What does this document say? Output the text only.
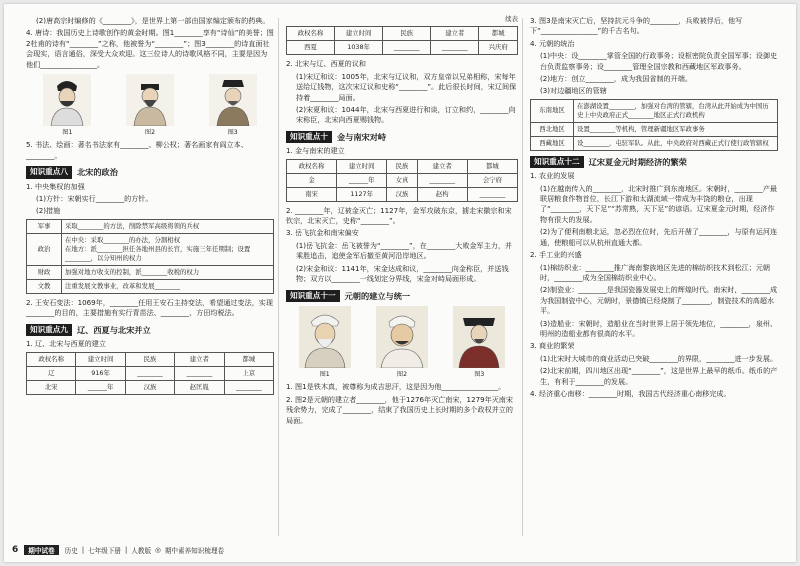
(2)唐高宗时编修的《________》，是世界上第一部由国家编定颁布的药典。

4. 唐诗：我国历史上诗歌创作的黄金时期。图1________享有“诗仙”的美誉；图2杜甫的诗有“________”之称，他被誉为“________”；图3________的诗直面社会现实，语言通俗，深受大众欢迎。这三位诗人的诗歌风格不同，主要是因为他们________________。

图1	图2	图3

5. 书法、绘画：著名书法家有________、柳公权；著名画家有阎立本、________。

知识重点八	北宋的政治

1. 中央集权的加强

(1)方针：宋朝实行________的方针。

(2)措施

军事	采取________的方法，削除禁军高级将领的兵权
政治	在中央：采取________的办法，分割相权
在地方：派________担任各地州县的长官，实施三年任期制；设置________，以分知州的权力
财政	加强对地方收支的控制，派________收税的权力
文教	注重发展文教事业，改革和发展________

2. 王安石变法：1069年，________任用王安石主持变法，希望通过变法，实现________的目的，主要措施有实行青苗法、________、方田均税法。

知识重点九	辽、西夏与北宋并立

1. 辽、北宋与西夏的建立

政权名称	建立时间	民族	建立者	都城
辽	916年	________	________	上京
北宋	______年	汉族	赵匡胤	________

续表

政权名称	建立时间	民族	建立者	都城
西夏	1038年	________	________	兴庆府

2. 北宋与辽、西夏的议和

(1)宋辽和议：1005年，北宋与辽议和，双方皇帝以兄弟相称，宋每年送给辽钱物，这次宋辽议和史称“________”。此后很长时间，宋辽间保持着________局面。

(2)宋夏和议：1044年，北宋与西夏进行和谈，订立和约，________向宋称臣，北宋向西夏赐钱物。

知识重点十	金与南宋对峙

1. 金与南宋的建立

政权名称	建立时间	民族	建立者	都城
金	______年	女真	________	会宁府
南宋	1127年	汉族	赵构	________

2. ________年，辽被金灭亡；1127年，金军攻破东京，掳走宋徽宗和宋钦宗，北宋灭亡，史称“________”。

3. 岳飞抗金和南宋偏安

(1)岳飞抗金：岳飞被誉为“________”，在________大败金军主力，并乘胜追击，追使金军后撤至黄河沿岸地区。

(2)宋金和议：1141年，宋金达成和议，________向金称臣，并送钱物；双方以________一线划定分界线，宋金对峙局面形成。

知识重点十一	元朝的建立与统一
图1	图2	图3

1. 图1是铁木真，被尊称为成吉思汗，这是因为他________________。

2. 图2是元朝的建立者________，他于1276年灭亡南宋，1279年灭南宋残余势力，完成了________，结束了我国历史上长时期的多个政权并立的局面。

3. 图3是南宋灭亡后，坚持抗元斗争的________，兵败被俘后，他写下“________________”的千古名句。

4. 元朝的统治

(1)中央：设________掌管全国的行政事务；设枢密院负责全国军事；设御史台负责监察事务；设________管理全国宗教和西藏地区军政事务。

(2)地方：创立________，成为我国省制的开端。

(3)对边疆地区的管辖

东南地区	在澎湖设置________，加强对台湾的管辖，台湾从此开始成为中国历史上中央政府正式________地区正式行政机构
西北地区	设置________等机构，管理新疆地区军政事务
西藏地区	设________，屯驻军队。从此，中央政府对西藏正式行使行政管辖权
知识重点十二	辽宋夏金元时期经济的繁荣

1. 农业的发展

(1)在越南传入的________，北宋时推广到东南地区。宋朝时，________产最联居粮食作物首位，长江下游和太湖流域一带成为丰饶的粮仓，出现了“________，天下足”“苏常熟，天下足”的谚语。辽宋夏金元时期，经济作物有很大的发展。

(2)为了便利南粮北运，忽必烈在位时，先后开凿了________，与原有运河连通，使粮船可以从杭州直通大都。

2. 手工业的兴盛

(1)棉纺织业：________推广海南黎族地区先进的棉纺织技术到松江；元朝时，________成为全国棉纺织业中心。

(2)制瓷业：________是我国瓷器发展史上的辉煌时代。南宋时，________成为我国制瓷中心，元朝时，景德镇已经烧制了________，制瓷技术的高超水平。

(3)造船业：宋朝时，造船业在当时世界上居于领先地位，________，泉州、明州的造船业都有很高的水平。

3. 商业的繁荣

(1)北宋时大城市的商业活动已突破________的界限，________进一步发展。

(2)北宋前期，四川地区出现“________”，这是世界上最早的纸币。纸币的产生，有利于________的发展。

4. 经济重心南移：________时期，我国古代经济重心南移完成。

6	期中试卷	历史 | 七年级下册 | 人教版 ◎ 期中素养知识梳理卷
